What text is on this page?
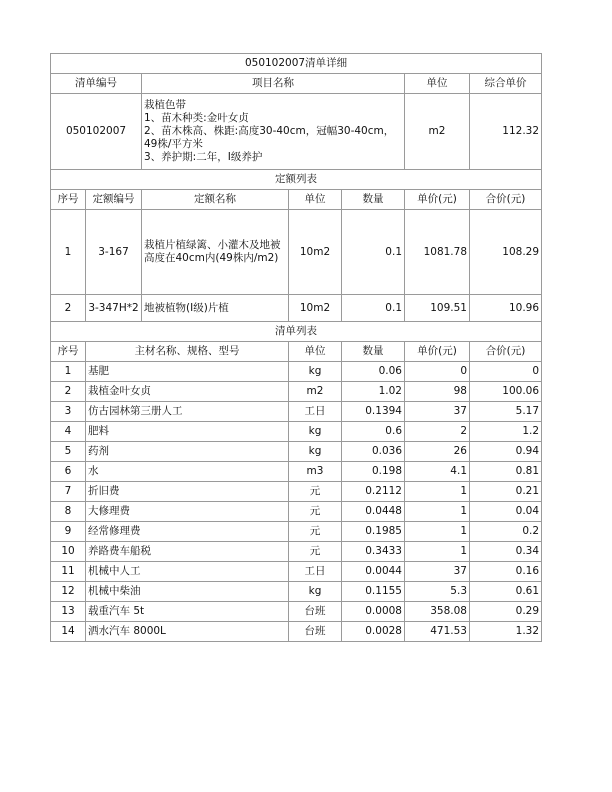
050102007清单详细						
清单编号		项目名称			单位	综合单价
050102007		栽植色带
1、苗木种类:金叶女贞
2、苗木株高、株距:高度30-40cm，冠幅30-40cm，49株/平方米
3、养护期:二年，Ⅰ级养护			m2	112.32
定额列表						
序号	定额编号	定额名称	单位	数量	单价(元)	合价(元)
1	3-167	栽植片植绿篱、小灌木及地被高度在40cm内(49株内/m2)	10m2	0.1	1081.78	108.29
2	3-347H*2	地被植物(Ⅰ级)片植	10m2	0.1	109.51	10.96
清单列表						
序号	主材名称、规格、型号		单位	数量	单价(元)	合价(元)
1	基肥		kg	0.06	0	0
2	栽植金叶女贞		m2	1.02	98	100.06
3	仿古园林第三册人工		工日	0.1394	37	5.17
4	肥料		kg	0.6	2	1.2
5	药剂		kg	0.036	26	0.94
6	水		m3	0.198	4.1	0.81
7	折旧费		元	0.2112	1	0.21
8	大修理费		元	0.0448	1	0.04
9	经常修理费		元	0.1985	1	0.2
10	养路费车船税		元	0.3433	1	0.34
11	机械中人工		工日	0.0044	37	0.16
12	机械中柴油		kg	0.1155	5.3	0.61
13	载重汽车 5t		台班	0.0008	358.08	0.29
14	洒水汽车 8000L		台班	0.0028	471.53	1.32
